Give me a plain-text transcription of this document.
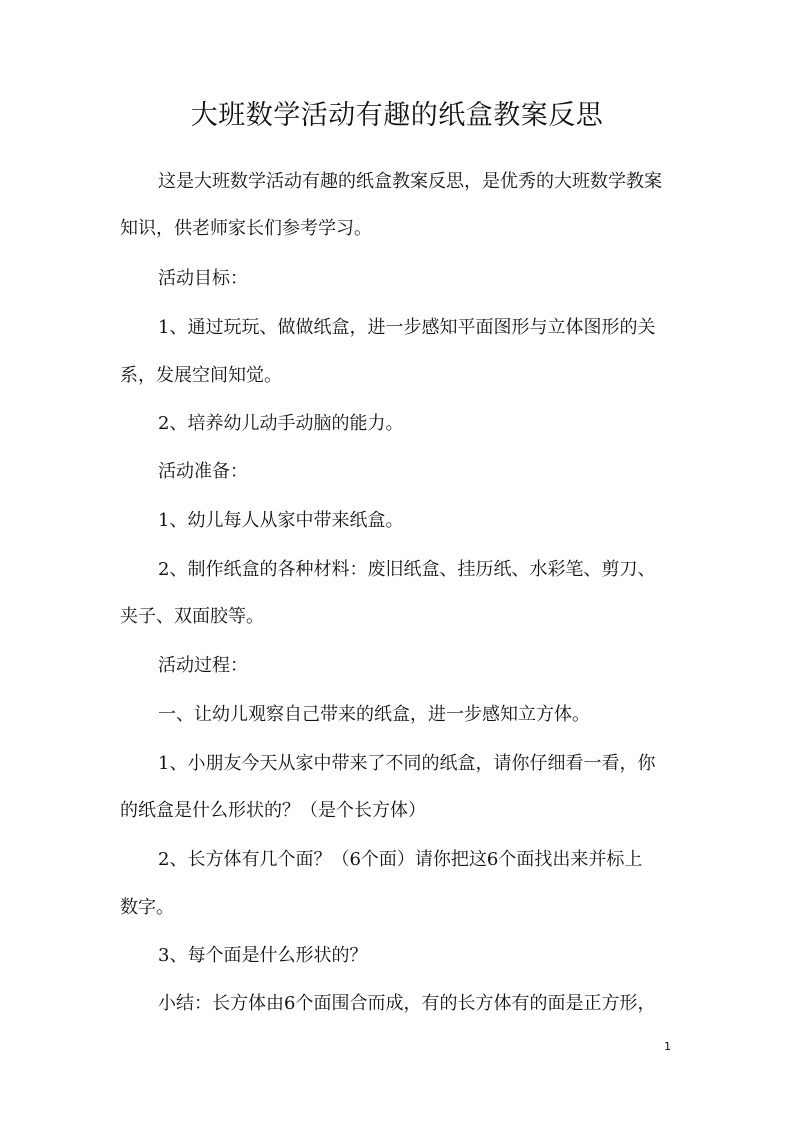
大班数学活动有趣的纸盒教案反思

这是大班数学活动有趣的纸盒教案反思，是优秀的大班数学教案

知识，供老师家长们参考学习。

活动目标：

1、通过玩玩、做做纸盒，进一步感知平面图形与立体图形的关

系，发展空间知觉。

2、培养幼儿动手动脑的能力。

活动准备：

1、幼儿每人从家中带来纸盒。

2、制作纸盒的各种材料：废旧纸盒、挂历纸、水彩笔、剪刀、

夹子、双面胶等。

活动过程：

一、让幼儿观察自己带来的纸盒，进一步感知立方体。

1、小朋友今天从家中带来了不同的纸盒，请你仔细看一看，你

的纸盒是什么形状的？（是个长方体）

2、长方体有几个面？（6个面）请你把这6个面找出来并标上

数字。

3、每个面是什么形状的？

小结：长方体由6个面围合而成，有的长方体有的面是正方形，

1
